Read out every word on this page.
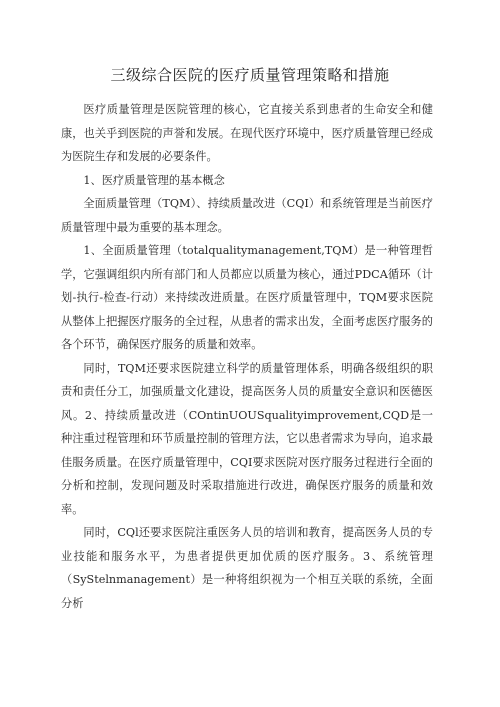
三级综合医院的医疗质量管理策略和措施

医疗质量管理是医院管理的核心，它直接关系到患者的生命安全和健康，也关乎到医院的声誉和发展。在现代医疗环境中，医疗质量管理已经成为医院生存和发展的必要条件。

1、医疗质量管理的基本概念

全面质量管理（TQM）、持续质量改进（CQI）和系统管理是当前医疗质量管理中最为重要的基本理念。

1、全面质量管理（totalqualitymanagement,TQM）是一种管理哲学，它强调组织内所有部门和人员都应以质量为核心，通过PDCA循环（计划-执行-检查-行动）来持续改进质量。在医疗质量管理中，TQM要求医院从整体上把握医疗服务的全过程，从患者的需求出发，全面考虑医疗服务的各个环节，确保医疗服务的质量和效率。

同时，TQM还要求医院建立科学的质量管理体系，明确各级组织的职责和责任分工，加强质量文化建设，提高医务人员的质量安全意识和医德医风。2、持续质量改进（COntinUOUSqualityimprovement,CQD是一种注重过程管理和环节质量控制的管理方法，它以患者需求为导向，追求最佳服务质量。在医疗质量管理中，CQI要求医院对医疗服务过程进行全面的分析和控制，发现问题及时采取措施进行改进，确保医疗服务的质量和效率。

同时，CQl还要求医院注重医务人员的培训和教育，提高医务人员的专业技能和服务水平，为患者提供更加优质的医疗服务。3、系统管理（SyStelnmanagement）是一种将组织视为一个相互关联的系统，全面分析
